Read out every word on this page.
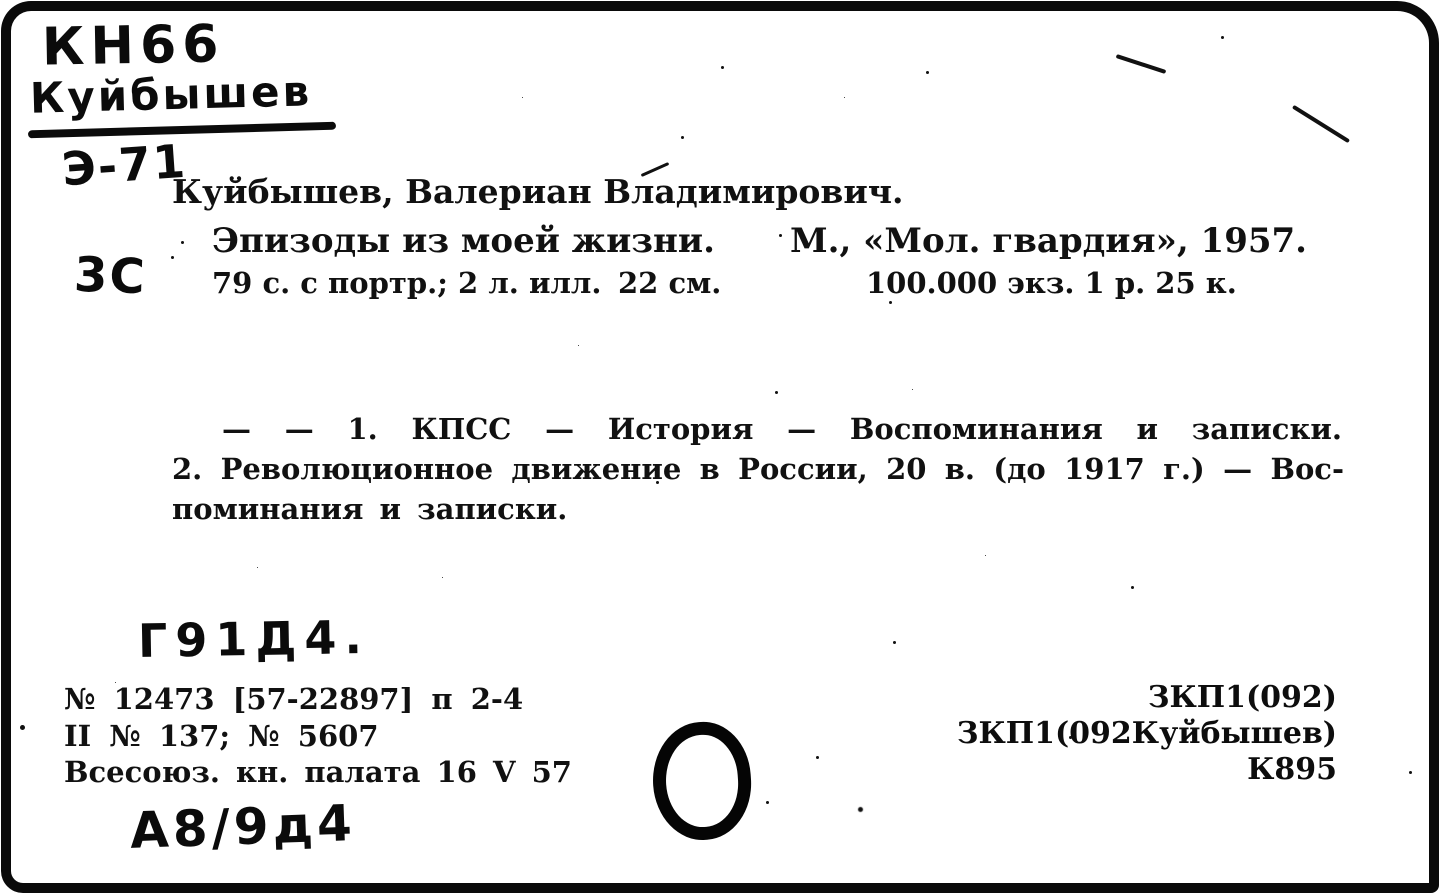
КН66
Куйбышев
Э-71
3С
Г91Д4.
А8/9д4
Куйбышев, Валериан Владимирович.
Эпизоды из моей жизни. М., «Мол. гвардия», 1957.
79 с. с портр.; 2 л. илл. 22 см.	100.000 экз. 1 р. 25 к.
— — 1. КПСС — История — Воспоминания и записки.
2. Революционное движение в России, 20 в. (до 1917 г.) — Вос-
поминания и записки.
№ 12473 [57-22897] п 2-4
II № 137; № 5607
Всесоюз. кн. палата 16 V 57
ЗКП1(092)
ЗКП1(092Куйбышев)
К895
